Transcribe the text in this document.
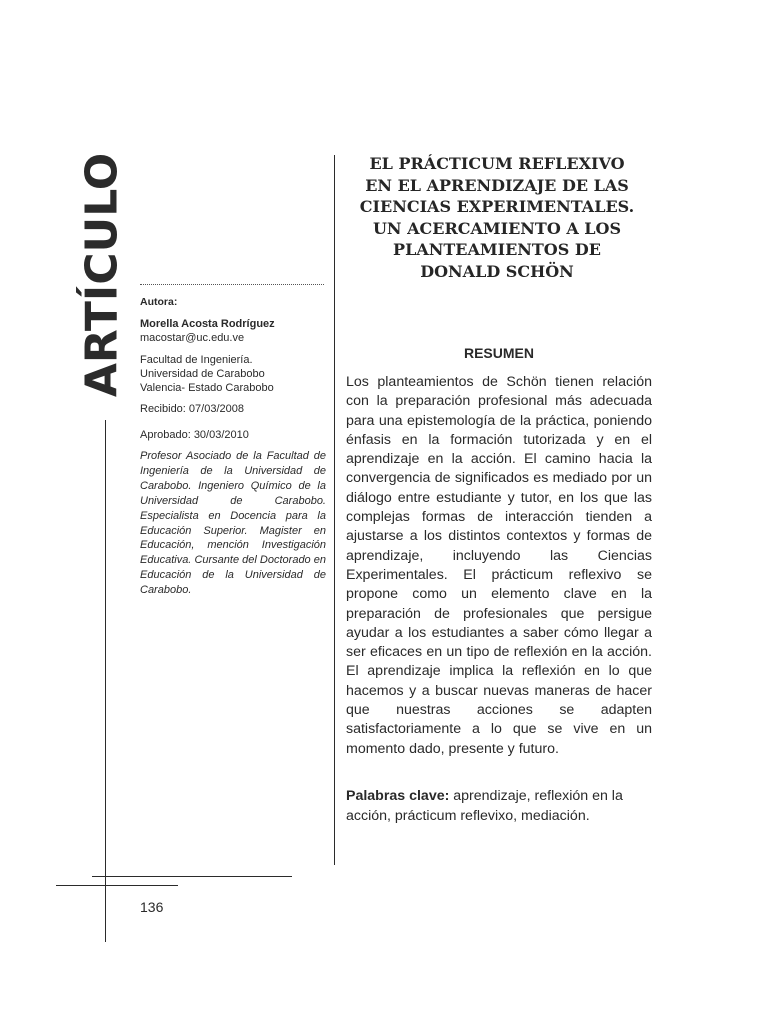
ARTÍCULO Autora:

Morella Acosta Rodríguez

macostar@uc.edu.ve

Facultad de Ingeniería.

Universidad de Carabobo

Valencia- Estado Carabobo

Recibido: 07/03/2008

Aprobado: 30/03/2010

Profesor Asociado de la Facultad de Ingeniería de la Universidad de Carabobo. Ingeniero Químico de la Universidad de Carabobo. Especialista en Docencia para la Educación Superior. Magister en Educación, mención Investigación Educativa. Cursante del Doctorado en Educación de la Universidad de Carabobo.

EL PRÁCTICUM REFLEXIVO
EN EL APRENDIZAJE DE LAS
CIENCIAS EXPERIMENTALES.
UN ACERCAMIENTO A LOS
PLANTEAMIENTOS DE
DONALD SCHÖN
RESUMEN
Los planteamientos de Schön tienen relación con la preparación profesional más adecuada para una epistemología de la práctica, poniendo énfasis en la formación tutorizada y en el aprendizaje en la acción. El camino hacia la convergencia de significados es mediado por un diálogo entre estudiante y tutor, en los que las complejas formas de interacción tienden a ajustarse a los distintos contextos y formas de aprendizaje, incluyendo las Ciencias Experimentales. El prácticum reflexivo se propone como un elemento clave en la preparación de profesionales que persigue ayudar a los estudiantes a saber cómo llegar a ser eficaces en un tipo de reflexión en la acción. El aprendizaje implica la reflexión en lo que hacemos y a buscar nuevas maneras de hacer que nuestras acciones se adapten satisfactoriamente a lo que se vive en un momento dado, presente y futuro.
Palabras clave: aprendizaje, reflexión en la acción, prácticum reflevixo, mediación.
136
